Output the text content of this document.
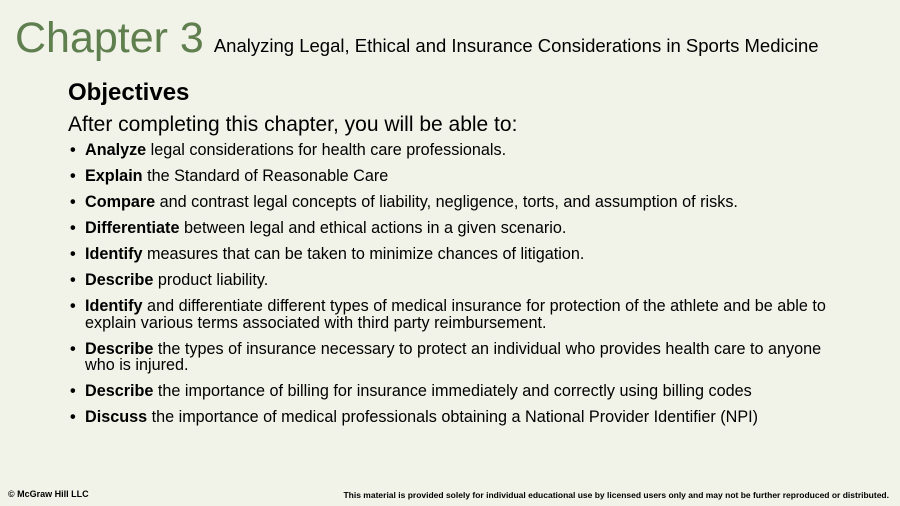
Chapter 3 Analyzing Legal, Ethical and Insurance Considerations in Sports Medicine
Objectives
After completing this chapter, you will be able to:
• Analyze legal considerations for health care professionals.
• Explain the Standard of Reasonable Care
• Compare and contrast legal concepts of liability, negligence, torts, and assumption of risks.
• Differentiate between legal and ethical actions in a given scenario.
• Identify measures that can be taken to minimize chances of litigation.
• Describe product liability.
• Identify and differentiate different types of medical insurance for protection of the athlete and be able to explain various terms associated with third party reimbursement.
• Describe the types of insurance necessary to protect an individual who provides health care to anyone who is injured.
• Describe the importance of billing for insurance immediately and correctly using billing codes
• Discuss the importance of medical professionals obtaining a National Provider Identifier (NPI)
© McGraw Hill LLC	This material is provided solely for individual educational use by licensed users only and may not be further reproduced or distributed.
